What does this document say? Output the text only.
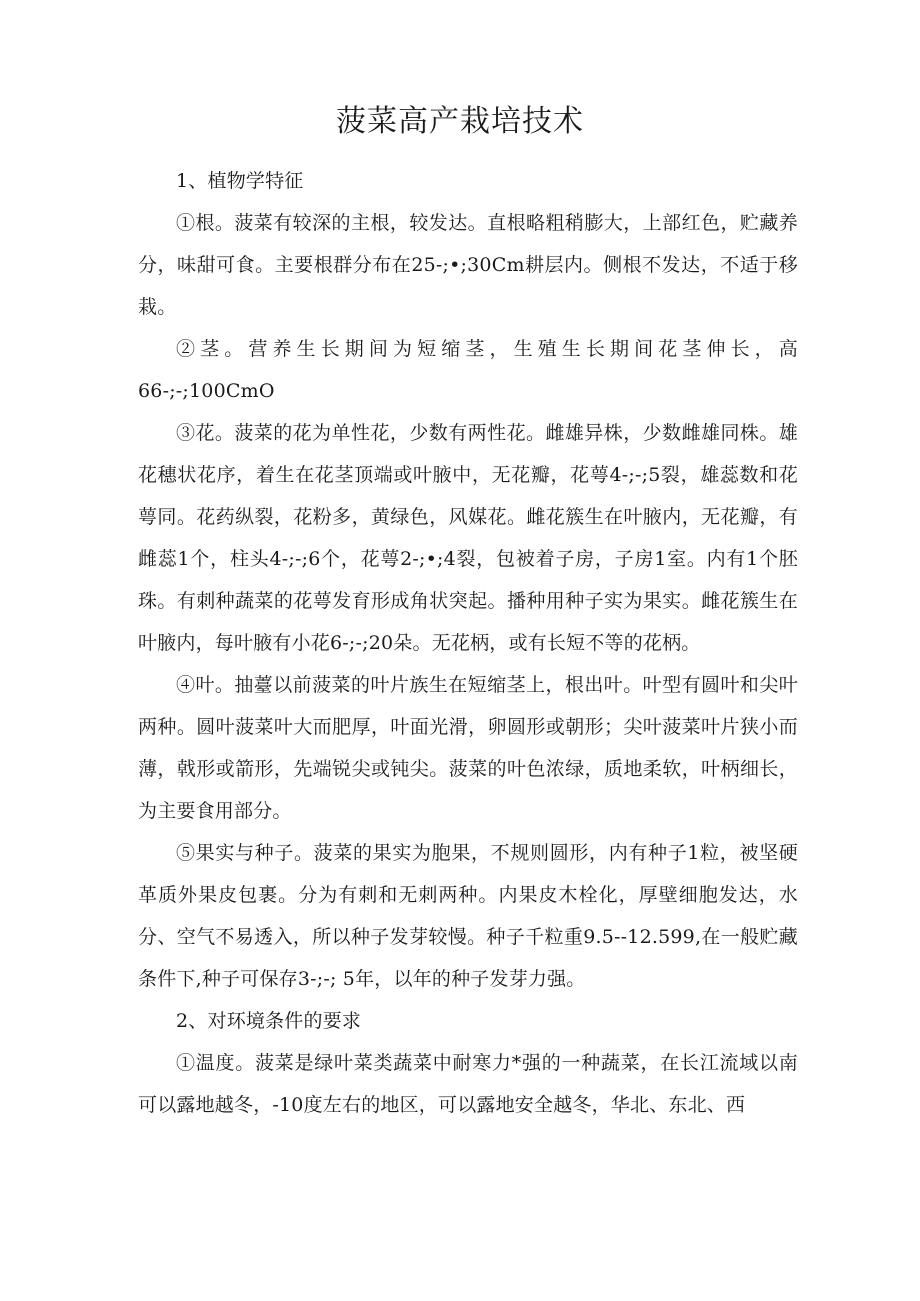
菠菜高产栽培技术

1、植物学特征

①根。菠菜有较深的主根，较发达。直根略粗稍膨大，上部红色，贮藏养分，味甜可食。主要根群分布在25-;•;30Cm耕层内。侧根不发达，不适于移栽。

②茎。营养生长期间为短缩茎，生殖生长期间花茎伸长，高66-;-;100CmO

③花。菠菜的花为单性花，少数有两性花。雌雄异株，少数雌雄同株。雄花穗状花序，着生在花茎顶端或叶腋中，无花瓣，花萼4-;-;5裂，雄蕊数和花萼同。花药纵裂，花粉多，黄绿色，风媒花。雌花簇生在叶腋内，无花瓣，有雌蕊1个，柱头4-;-;6个，花萼2-;•;4裂，包被着子房，子房1室。内有1个胚珠。有刺种蔬菜的花萼发育形成角状突起。播种用种子实为果实。雌花簇生在叶腋内，每叶腋有小花6-;-;20朵。无花柄，或有长短不等的花柄。

④叶。抽薹以前菠菜的叶片族生在短缩茎上，根出叶。叶型有圆叶和尖叶两种。圆叶菠菜叶大而肥厚，叶面光滑，卵圆形或朝形；尖叶菠菜叶片狭小而薄，戟形或箭形，先端锐尖或钝尖。菠菜的叶色浓绿，质地柔软，叶柄细长，为主要食用部分。

⑤果实与种子。菠菜的果实为胞果，不规则圆形，内有种子1粒，被坚硬革质外果皮包裹。分为有刺和无刺两种。内果皮木栓化，厚壁细胞发达，水分、空气不易透入，所以种子发芽较慢。种子千粒重9.5--12.599,在一般贮藏条件下,种子可保存3-;-; 5年，以年的种子发芽力强。

2、对环境条件的要求

①温度。菠菜是绿叶菜类蔬菜中耐寒力*强的一种蔬菜，在长江流域以南可以露地越冬，-10度左右的地区，可以露地安全越冬，华北、东北、西
